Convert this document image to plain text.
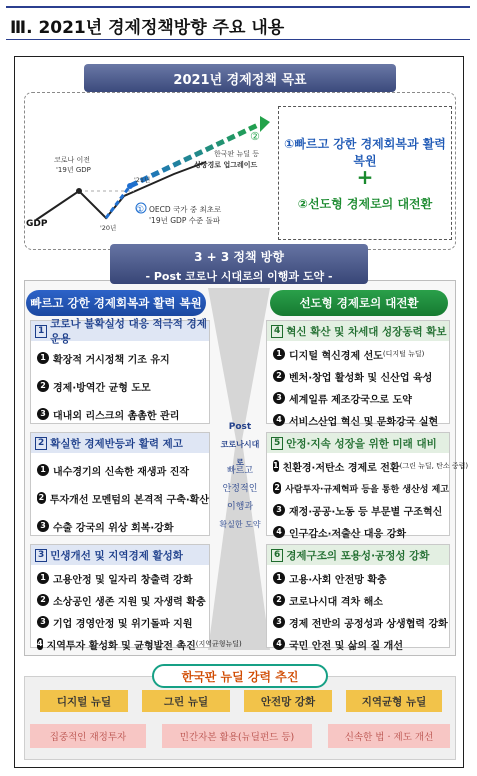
Ⅲ. 2021년 경제정책방향 주요 내용
2021년 경제정책 목표
GDP
코로나 이전
'19년 GDP
'20년
'21년
① OECD 국가 중 최초로
'19년 GDP 수준 돌파
②
한국판 뉴딜 등
성장경로 업그레이드
①빠르고 강한 경제회복과 활력 복원
+
②선도형 경제로의 대전환
3 + 3 정책 방향
- Post 코로나 시대로의 이행과 도약 -
빠르고 강한 경제회복과 활력 복원	선도형 경제로의 대전환
1
코로나 불확실성 대응 적극적 경제 운용
1 확장적 거시정책 기조 유지
2 경제·방역간 균형 도모
3 대내외 리스크의 촘촘한 관리
2 확실한 경제반등과 활력 제고
1 내수경기의 신속한 재생과 진작
2 투자개선 모멘텀의 본격적 구축·확산
3 수출 강국의 위상 회복·강화
3 민생개선 및 지역경제 활성화
1 고용안정 및 일자리 창출력 강화
2 소상공인 생존 지원 및 자생력 확충
3 기업 경영안정 및 위기돌파 지원
4 지역투자 활성화 및 균형발전 촉진 (지역균형뉴딜)
4 혁신 확산 및 차세대 성장동력 확보
1 디지털 혁신경제 선도 (디지털 뉴딜)
2 벤처·창업 활성화 및 신산업 육성
3 세계일류 제조강국으로 도약
4 서비스산업 혁신 및 문화강국 실현
5 안정·지속 성장을 위한 미래 대비
1 친환경·저탄소 경제로 전환 (그린 뉴딜, 탄소 중립)
2 사람투자·규제혁파 등을 통한 생산성 제고
3 재정·공공·노동 등 부문별 구조혁신
4 인구감소·저출산 대응 강화
6 경제구조의 포용성·공정성 강화
1 고용·사회 안전망 확충
2 코로나시대 격차 해소
3 경제 전반의 공정성과 상생협력 강화
4 국민 안전 및 삶의 질 개선
Post
코로나시대로
빠르고
안정적인
이행과
확실한 도약
한국판 뉴딜 강력 추진
디지털 뉴딜	그린 뉴딜	안전망 강화	지역균형 뉴딜
집중적인 재정투자	민간자본 활용(뉴딜펀드 등)	신속한 법 · 제도 개선
